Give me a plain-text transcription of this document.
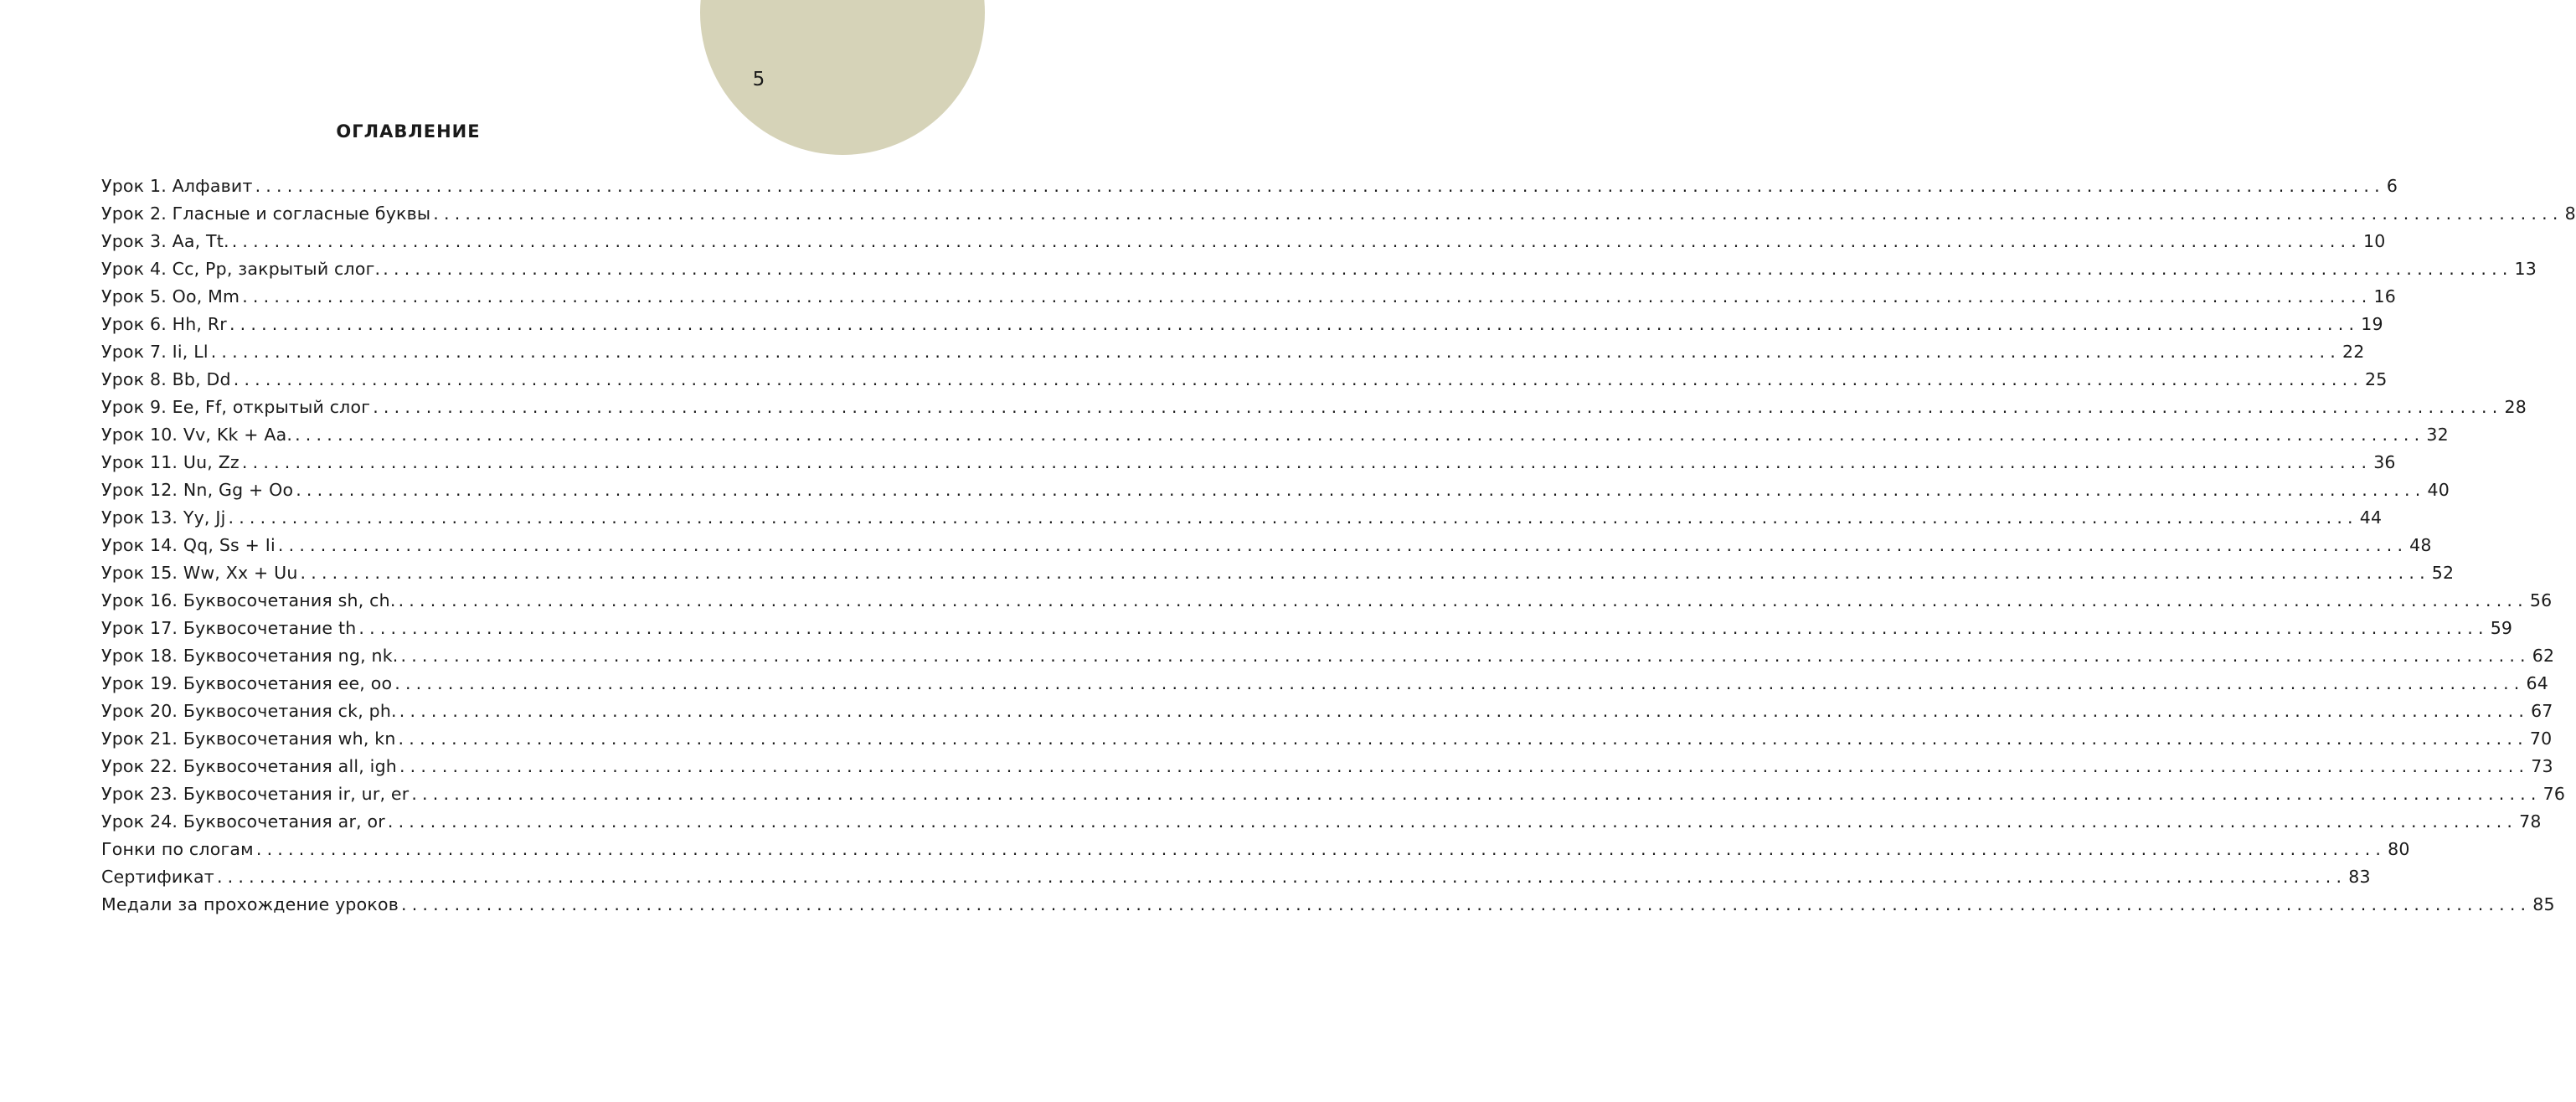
5
ОГЛАВЛЕНИЕ
Урок 1. Алфавит ........................................................................................................................................................................................................ 6
Урок 2. Гласные и согласные буквы ........................................................................................................................................................................................................ 8
Урок 3. Aa, Tt. ........................................................................................................................................................................................................ 10
Урок 4. Cc, Pp, закрытый слог. ........................................................................................................................................................................................................ 13
Урок 5. Oo, Mm ........................................................................................................................................................................................................ 16
Урок 6. Hh, Rr ........................................................................................................................................................................................................ 19
Урок 7. Ii, Ll ........................................................................................................................................................................................................ 22
Урок 8. Bb, Dd ........................................................................................................................................................................................................ 25
Урок 9. Ee, Ff, открытый слог ........................................................................................................................................................................................................ 28
Урок 10. Vv, Kk + Aa. ........................................................................................................................................................................................................ 32
Урок 11. Uu, Zz ........................................................................................................................................................................................................ 36
Урок 12. Nn, Gg + Oo ........................................................................................................................................................................................................ 40
Урок 13. Yy, Jj ........................................................................................................................................................................................................ 44
Урок 14. Qq, Ss + Ii ........................................................................................................................................................................................................ 48
Урок 15. Ww, Xx + Uu ........................................................................................................................................................................................................ 52
Урок 16. Буквосочетания sh, ch. ........................................................................................................................................................................................................ 56
Урок 17. Буквосочетание th ........................................................................................................................................................................................................ 59
Урок 18. Буквосочетания ng, nk. ........................................................................................................................................................................................................ 62
Урок 19. Буквосочетания ee, oo ........................................................................................................................................................................................................ 64
Урок 20. Буквосочетания ck, ph. ........................................................................................................................................................................................................ 67
Урок 21. Буквосочетания wh, kn ........................................................................................................................................................................................................ 70
Урок 22. Буквосочетания all, igh ........................................................................................................................................................................................................ 73
Урок 23. Буквосочетания ir, ur, er ........................................................................................................................................................................................................ 76
Урок 24. Буквосочетания ar, or ........................................................................................................................................................................................................ 78
Гонки по слогам ........................................................................................................................................................................................................ 80
Сертификат ........................................................................................................................................................................................................ 83
Медали за прохождение уроков ........................................................................................................................................................................................................ 85
